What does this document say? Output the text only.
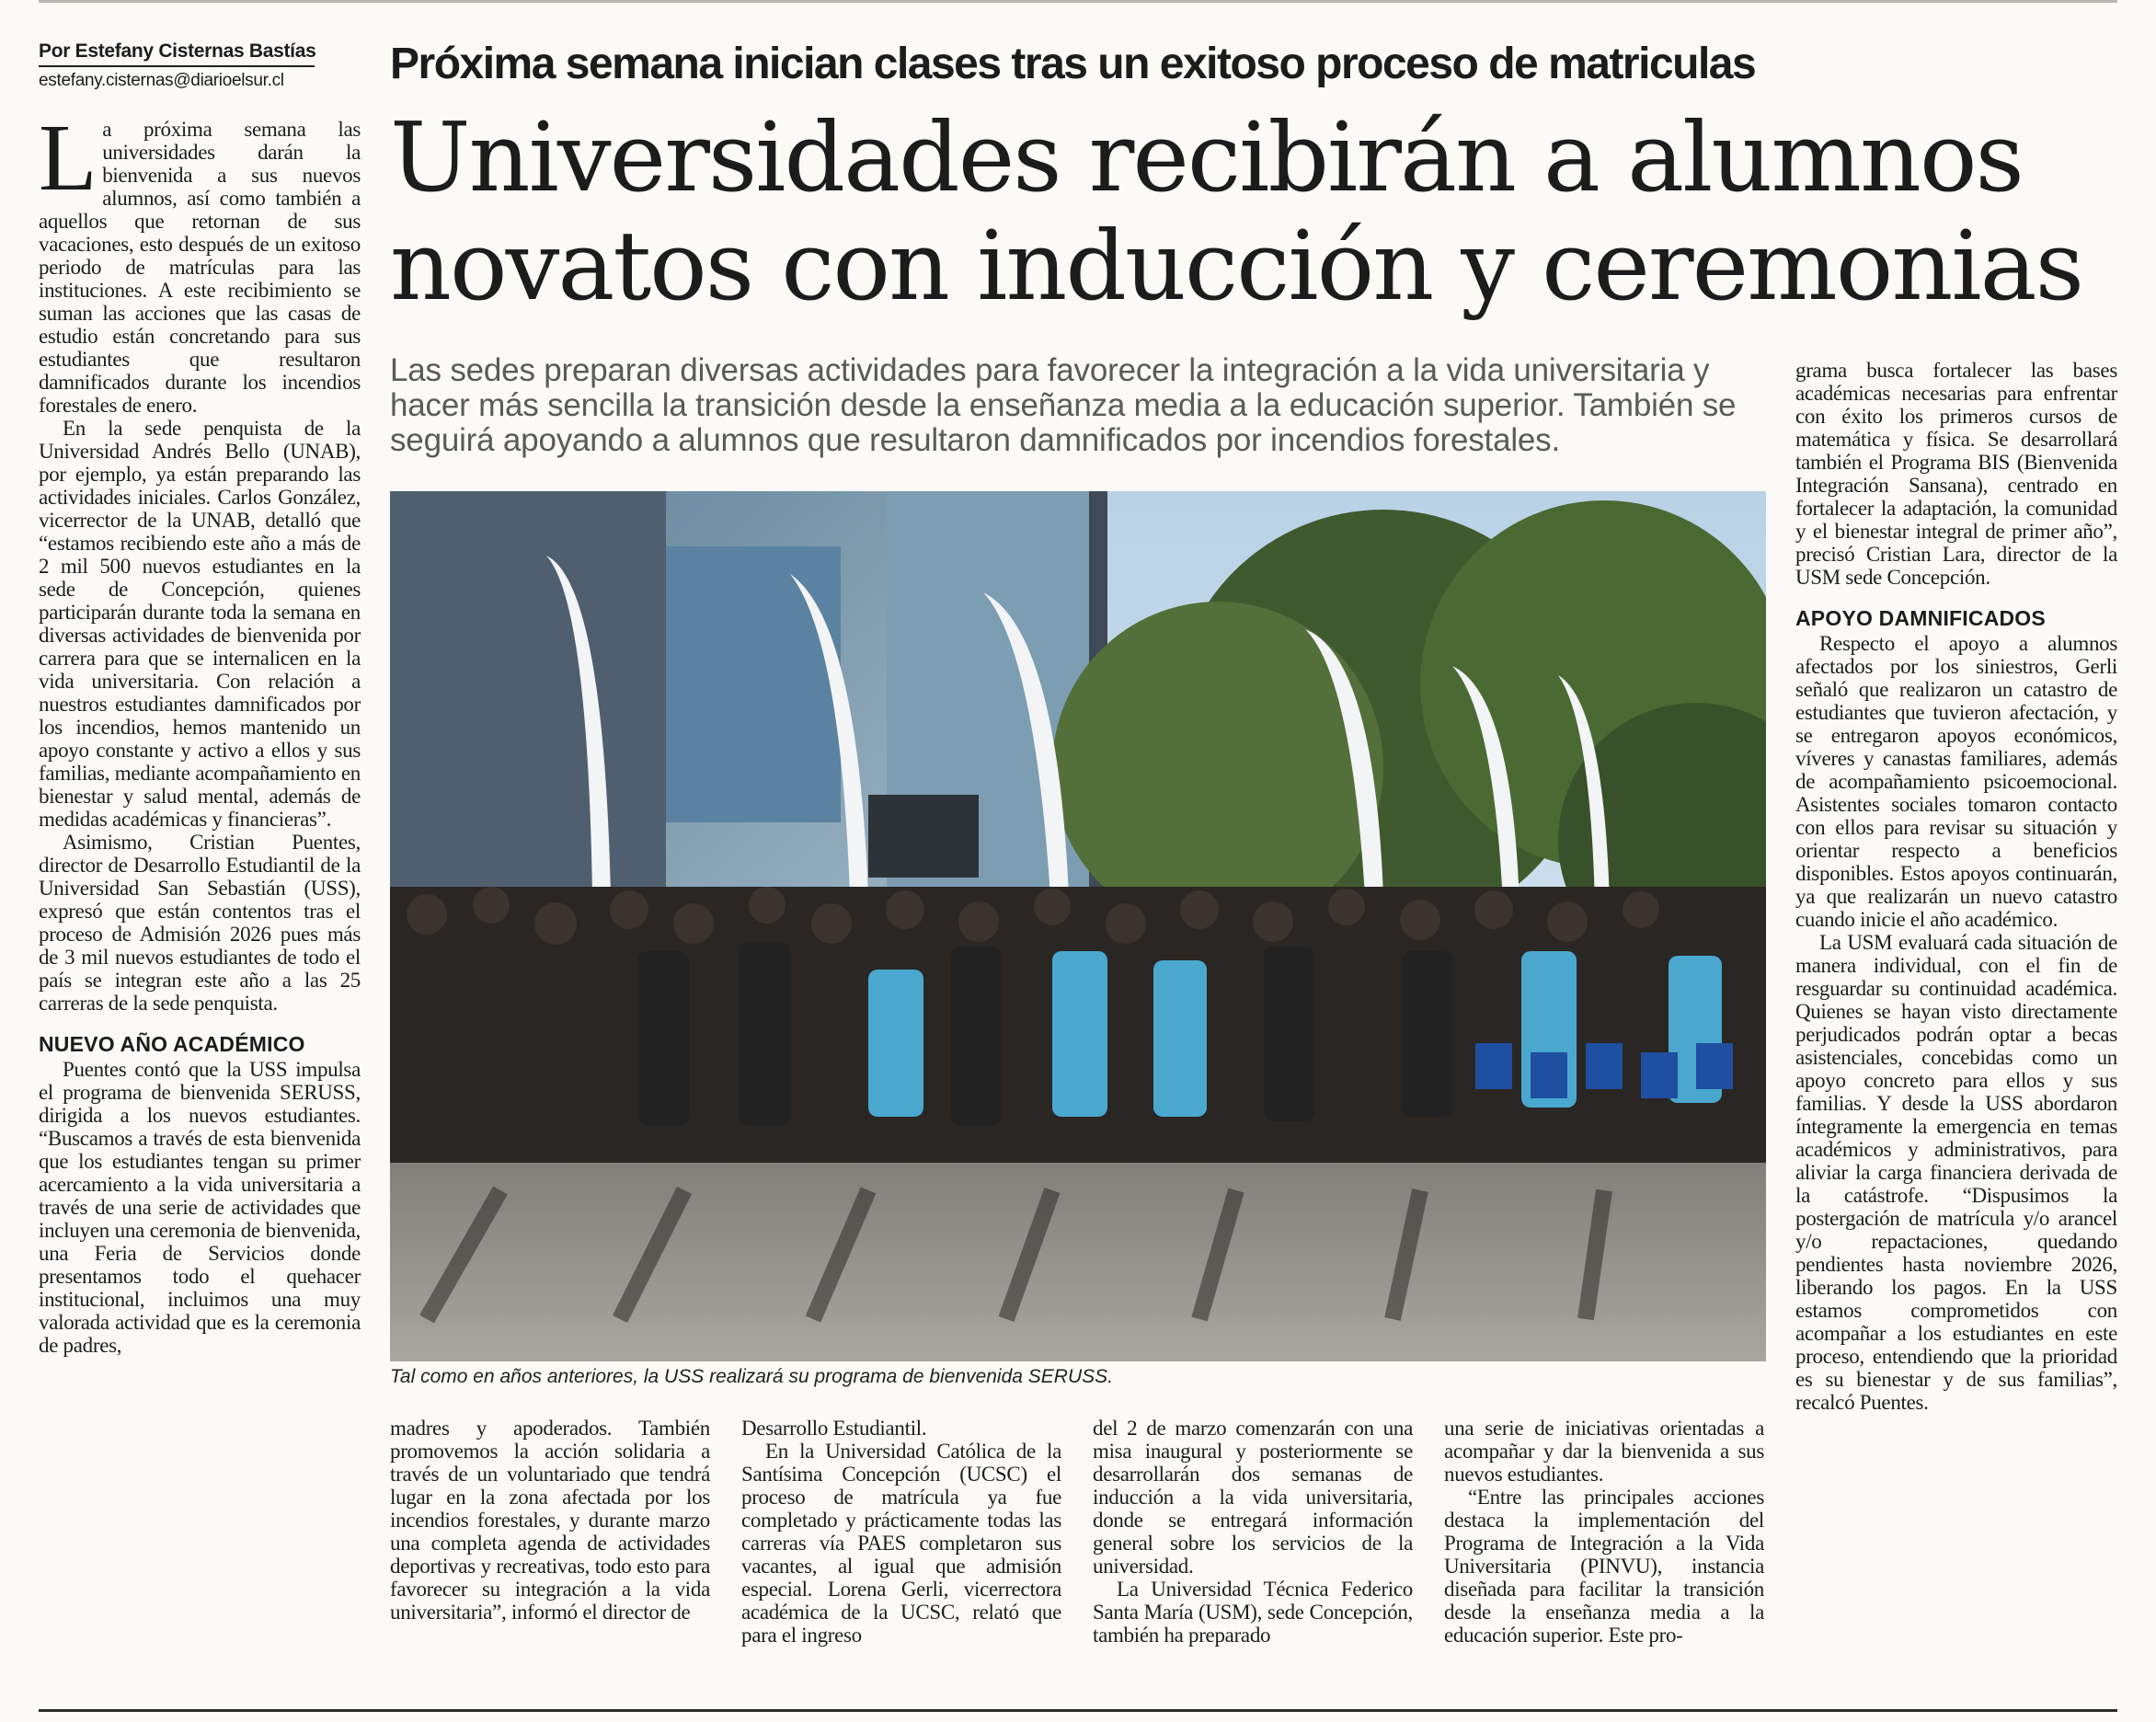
Por Estefany Cisternas Bastías
estefany.cisternas@diarioelsur.cl	Próxima semana inician clases tras un exitoso proceso de matriculas
Universidades recibirán a alumnos novatos con inducción y ceremonias
Las sedes preparan diversas actividades para favorecer la integración a la vida universitaria y hacer más sencilla la transición desde la enseñanza media a la educación superior. También se seguirá apoyando a alumnos que resultaron damnificados por incendios forestales.

La próxima semana las universidades darán la bienvenida a sus nuevos alumnos, así como también a aquellos que retornan de sus vacaciones, esto después de un exitoso periodo de matrículas para las instituciones. A este recibimiento se suman las acciones que las casas de estudio están concretando para sus estudiantes que resultaron damnificados durante los incendios forestales de enero.

En la sede penquista de la Universidad Andrés Bello (UNAB), por ejemplo, ya están preparando las actividades iniciales. Carlos González, vicerrector de la UNAB, detalló que “estamos recibiendo este año a más de 2 mil 500 nuevos estudiantes en la sede de Concepción, quienes participarán durante toda la semana en diversas actividades de bienvenida por carrera para que se internalicen en la vida universitaria. Con relación a nuestros estudiantes damnificados por los incendios, hemos mantenido un apoyo constante y activo a ellos y sus familias, mediante acompañamiento en bienestar y salud mental, además de medidas académicas y financieras”.

Asimismo, Cristian Puentes, director de Desarrollo Estudiantil de la Universidad San Sebastián (USS), expresó que están contentos tras el proceso de Admisión 2026 pues más de 3 mil nuevos estudiantes de todo el país se integran este año a las 25 carreras de la sede penquista.

NUEVO AÑO ACADÉMICO

Puentes contó que la USS impulsa el programa de bienvenida SERUSS, dirigida a los nuevos estudiantes. “Buscamos a través de esta bienvenida que los estudiantes tengan su primer acercamiento a la vida universitaria a través de una serie de actividades que incluyen una ceremonia de bienvenida, una Feria de Servicios donde presentamos todo el quehacer institucional, incluimos una muy valorada actividad que es la ceremonia de padres,

Tal como en años anteriores, la USS realizará su programa de bienvenida SERUSS.

madres y apoderados. También promovemos la acción solidaria a través de un voluntariado que tendrá lugar en la zona afectada por los incendios forestales, y durante marzo una completa agenda de actividades deportivas y recreativas, todo esto para favorecer su integración a la vida universitaria”, informó el director de

Desarrollo Estudiantil.

En la Universidad Católica de la Santísima Concepción (UCSC) el proceso de matrícula ya fue completado y prácticamente todas las carreras vía PAES completaron sus vacantes, al igual que admisión especial. Lorena Gerli, vicerrectora académica de la UCSC, relató que para el ingreso

del 2 de marzo comenzarán con una misa inaugural y posteriormente se desarrollarán dos semanas de inducción a la vida universitaria, donde se entregará información general sobre los servicios de la universidad.

La Universidad Técnica Federico Santa María (USM), sede Concepción, también ha preparado

una serie de iniciativas orientadas a acompañar y dar la bienvenida a sus nuevos estudiantes.

“Entre las principales acciones destaca la implementación del Programa de Integración a la Vida Universitaria (PINVU), instancia diseñada para facilitar la transición desde la enseñanza media a la educación superior. Este pro-

grama busca fortalecer las bases académicas necesarias para enfrentar con éxito los primeros cursos de matemática y física. Se desarrollará también el Programa BIS (Bienvenida Integración Sansana), centrado en fortalecer la adaptación, la comunidad y el bienestar integral de primer año”, precisó Cristian Lara, director de la USM sede Concepción.

APOYO DAMNIFICADOS

Respecto el apoyo a alumnos afectados por los siniestros, Gerli señaló que realizaron un catastro de estudiantes que tuvieron afectación, y se entregaron apoyos económicos, víveres y canastas familiares, además de acompañamiento psicoemocional. Asistentes sociales tomaron contacto con ellos para revisar su situación y orientar respecto a beneficios disponibles. Estos apoyos continuarán, ya que realizarán un nuevo catastro cuando inicie el año académico.

La USM evaluará cada situación de manera individual, con el fin de resguardar su continuidad académica. Quienes se hayan visto directamente perjudicados podrán optar a becas asistenciales, concebidas como un apoyo concreto para ellos y sus familias. Y desde la USS abordaron íntegramente la emergencia en temas académicos y administrativos, para aliviar la carga financiera derivada de la catástrofe. “Dispusimos la postergación de matrícula y/o arancel y/o repactaciones, quedando pendientes hasta noviembre 2026, liberando los pagos. En la USS estamos comprometidos con acompañar a los estudiantes en este proceso, entendiendo que la prioridad es su bienestar y de sus familias”, recalcó Puentes.
